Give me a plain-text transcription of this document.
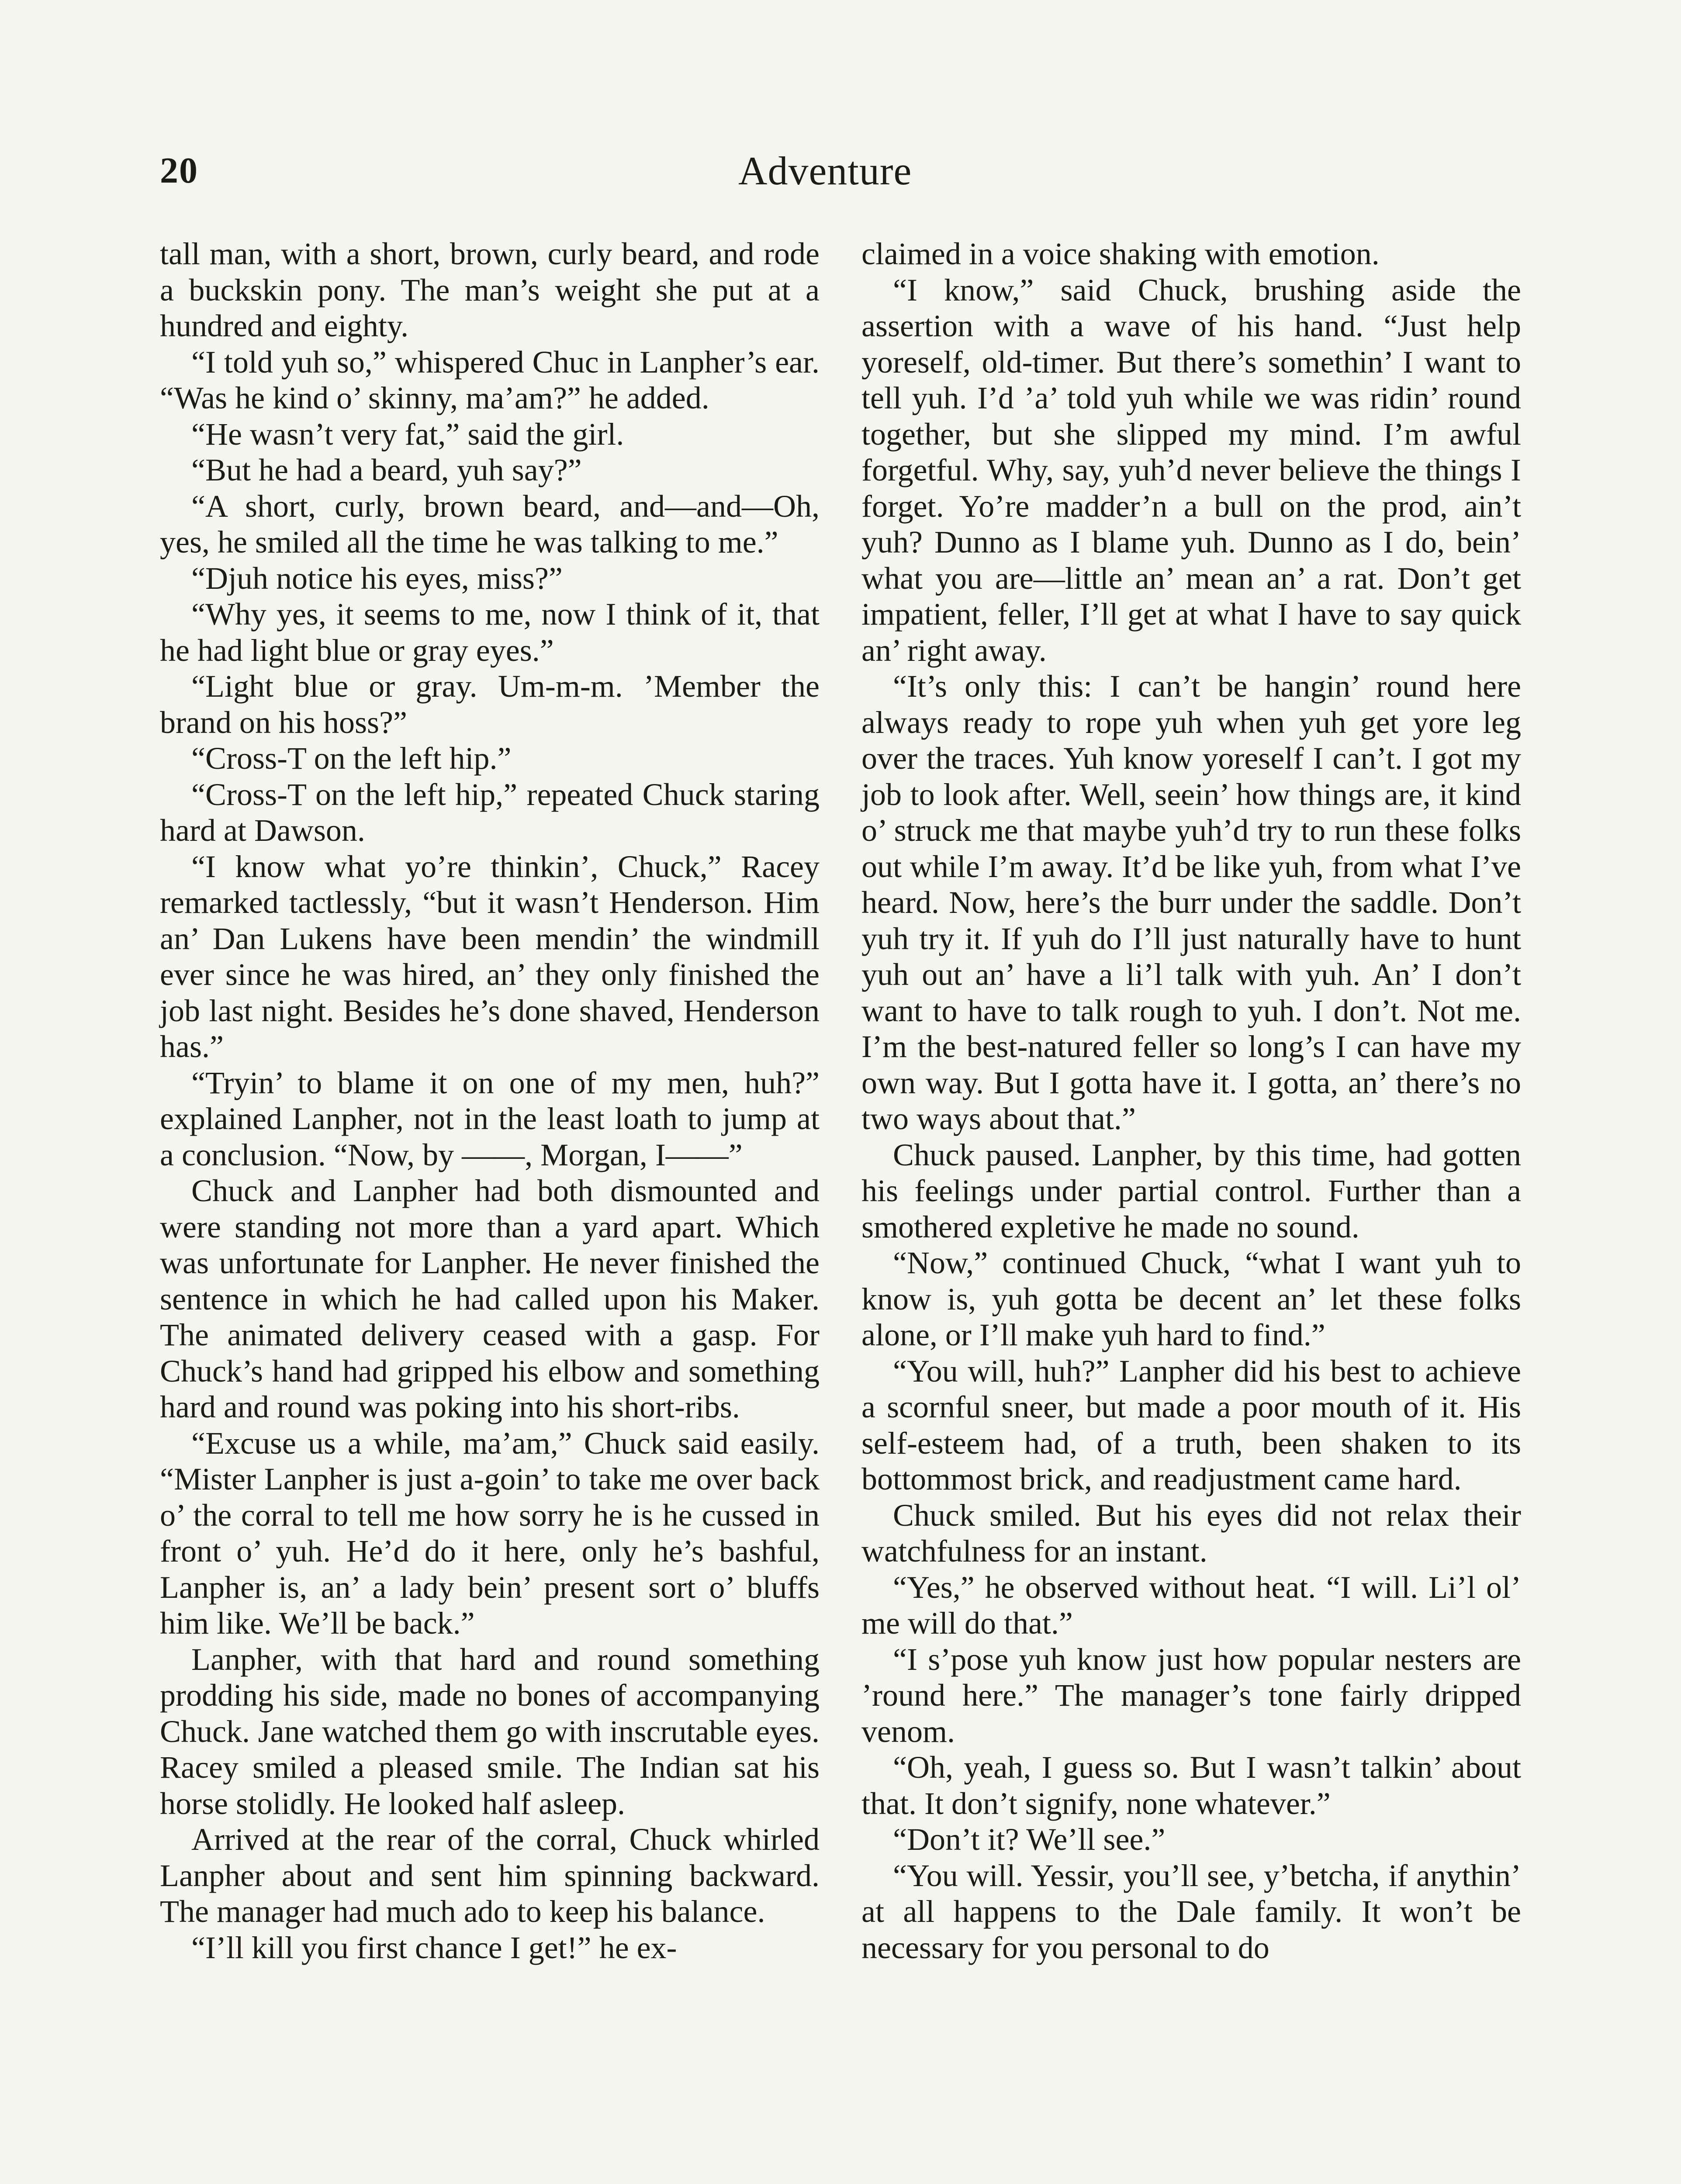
20	Adventure

tall man, with a short, brown, curly beard, and rode a buckskin pony. The man’s weight she put at a hundred and eighty.

“I told yuh so,” whispered Chuc in Lanpher’s ear. “Was he kind o’ skinny, ma’am?” he added.

“He wasn’t very fat,” said the girl.

“But he had a beard, yuh say?”

“A short, curly, brown beard, and—and—Oh, yes, he smiled all the time he was talking to me.”

“Djuh notice his eyes, miss?”

“Why yes, it seems to me, now I think of it, that he had light blue or gray eyes.”

“Light blue or gray. Um-m-m. ’Member the brand on his hoss?”

“Cross-T on the left hip.”

“Cross-T on the left hip,” repeated Chuck staring hard at Dawson.

“I know what yo’re thinkin’, Chuck,” Racey remarked tactlessly, “but it wasn’t Henderson. Him an’ Dan Lukens have been mendin’ the windmill ever since he was hired, an’ they only finished the job last night. Besides he’s done shaved, Henderson has.”

“Tryin’ to blame it on one of my men, huh?” explained Lanpher, not in the least loath to jump at a conclusion. “Now, by ——, Morgan, I——”

Chuck and Lanpher had both dismounted and were standing not more than a yard apart. Which was unfortunate for Lanpher. He never finished the sentence in which he had called upon his Maker. The animated delivery ceased with a gasp. For Chuck’s hand had gripped his elbow and something hard and round was poking into his short-ribs.

“Excuse us a while, ma’am,” Chuck said easily. “Mister Lanpher is just a-goin’ to take me over back o’ the corral to tell me how sorry he is he cussed in front o’ yuh. He’d do it here, only he’s bashful, Lanpher is, an’ a lady bein’ present sort o’ bluffs him like. We’ll be back.”

Lanpher, with that hard and round something prodding his side, made no bones of accompanying Chuck. Jane watched them go with inscrutable eyes. Racey smiled a pleased smile. The Indian sat his horse stolidly. He looked half asleep.

Arrived at the rear of the corral, Chuck whirled Lanpher about and sent him spinning backward. The manager had much ado to keep his balance.

“I’ll kill you first chance I get!” he ex-

claimed in a voice shaking with emotion.

“I know,” said Chuck, brushing aside the assertion with a wave of his hand. “Just help yoreself, old-timer. But there’s somethin’ I want to tell yuh. I’d ’a’ told yuh while we was ridin’ round together, but she slipped my mind. I’m awful forgetful. Why, say, yuh’d never believe the things I forget. Yo’re madder’n a bull on the prod, ain’t yuh? Dunno as I blame yuh. Dunno as I do, bein’ what you are—little an’ mean an’ a rat. Don’t get impatient, feller, I’ll get at what I have to say quick an’ right away.

“It’s only this: I can’t be hangin’ round here always ready to rope yuh when yuh get yore leg over the traces. Yuh know yoreself I can’t. I got my job to look after. Well, seein’ how things are, it kind o’ struck me that maybe yuh’d try to run these folks out while I’m away. It’d be like yuh, from what I’ve heard. Now, here’s the burr under the saddle. Don’t yuh try it. If yuh do I’ll just naturally have to hunt yuh out an’ have a li’l talk with yuh. An’ I don’t want to have to talk rough to yuh. I don’t. Not me. I’m the best-natured feller so long’s I can have my own way. But I gotta have it. I gotta, an’ there’s no two ways about that.”

Chuck paused. Lanpher, by this time, had gotten his feelings under partial control. Further than a smothered expletive he made no sound.

“Now,” continued Chuck, “what I want yuh to know is, yuh gotta be decent an’ let these folks alone, or I’ll make yuh hard to find.”

“You will, huh?” Lanpher did his best to achieve a scornful sneer, but made a poor mouth of it. His self-esteem had, of a truth, been shaken to its bottommost brick, and readjustment came hard.

Chuck smiled. But his eyes did not relax their watchfulness for an instant.

“Yes,” he observed without heat. “I will. Li’l ol’ me will do that.”

“I s’pose yuh know just how popular nesters are ’round here.” The manager’s tone fairly dripped venom.

“Oh, yeah, I guess so. But I wasn’t talkin’ about that. It don’t signify, none whatever.”

“Don’t it? We’ll see.”

“You will. Yessir, you’ll see, y’betcha, if anythin’ at all happens to the Dale family. It won’t be necessary for you personal to do
